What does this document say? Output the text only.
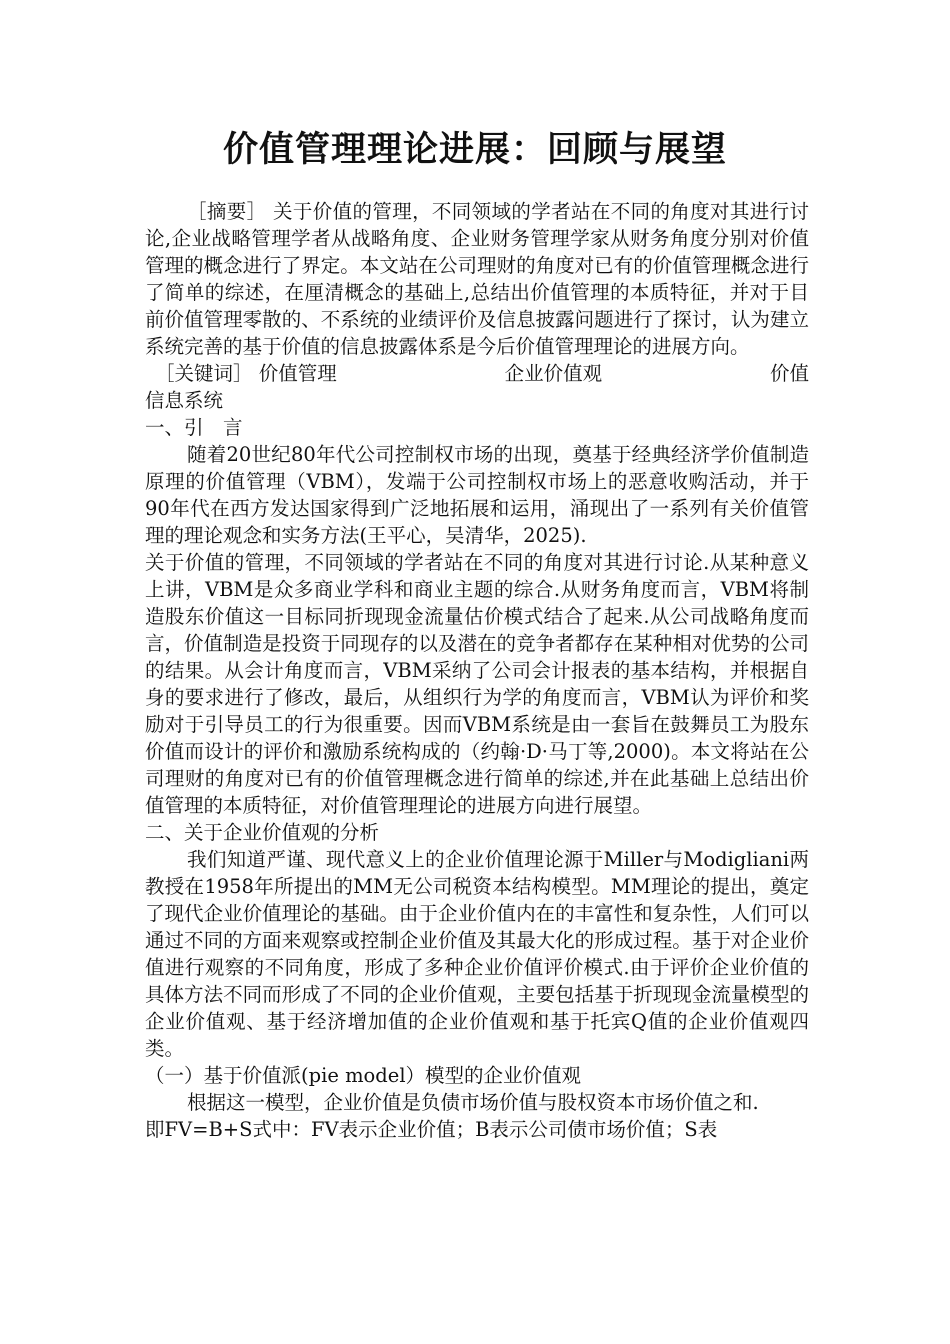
价值管理理论进展：回顾与展望

［摘要］ 关于价值的管理，不同领域的学者站在不同的角度对其进行讨论,企业战略管理学者从战略角度、企业财务管理学家从财务角度分别对价值管理的概念进行了界定。本文站在公司理财的角度对已有的价值管理概念进行了简单的综述，在厘清概念的基础上,总结出价值管理的本质特征，并对于目前价值管理零散的、不系统的业绩评价及信息披露问题进行了探讨，认为建立系统完善的基于价值的信息披露体系是今后价值管理理论的进展方向。

［关键词］ 价值管理	企业价值观	价值

信息系统

一、引　言

随着20世纪80年代公司控制权市场的出现，奠基于经典经济学价值制造原理的价值管理（VBM），发端于公司控制权市场上的恶意收购活动，并于90年代在西方发达国家得到广泛地拓展和运用，涌现出了一系列有关价值管理的理论观念和实务方法(王平心，吴清华，2025).

关于价值的管理，不同领域的学者站在不同的角度对其进行讨论.从某种意义上讲，VBM是众多商业学科和商业主题的综合.从财务角度而言，VBM将制造股东价值这一目标同折现现金流量估价模式结合了起来.从公司战略角度而言，价值制造是投资于同现存的以及潜在的竞争者都存在某种相对优势的公司的结果。从会计角度而言，VBM采纳了公司会计报表的基本结构，并根据自身的要求进行了修改，最后，从组织行为学的角度而言，VBM认为评价和奖励对于引导员工的行为很重要。因而VBM系统是由一套旨在鼓舞员工为股东价值而设计的评价和激励系统构成的（约翰·D·马丁等,2000)。本文将站在公司理财的角度对已有的价值管理概念进行简单的综述,并在此基础上总结出价值管理的本质特征，对价值管理理论的进展方向进行展望。

二、关于企业价值观的分析

我们知道严谨、现代意义上的企业价值理论源于Miller与Modigliani两教授在1958年所提出的MM无公司税资本结构模型。MM理论的提出，奠定了现代企业价值理论的基础。由于企业价值内在的丰富性和复杂性，人们可以通过不同的方面来观察或控制企业价值及其最大化的形成过程。基于对企业价值进行观察的不同角度，形成了多种企业价值评价模式.由于评价企业价值的具体方法不同而形成了不同的企业价值观，主要包括基于折现现金流量模型的企业价值观、基于经济增加值的企业价值观和基于托宾Q值的企业价值观四类。

（一）基于价值派(pie model）模型的企业价值观

根据这一模型，企业价值是负债市场价值与股权资本市场价值之和.

即FV=B+S式中：FV表示企业价值；B表示公司债市场价值；S表
